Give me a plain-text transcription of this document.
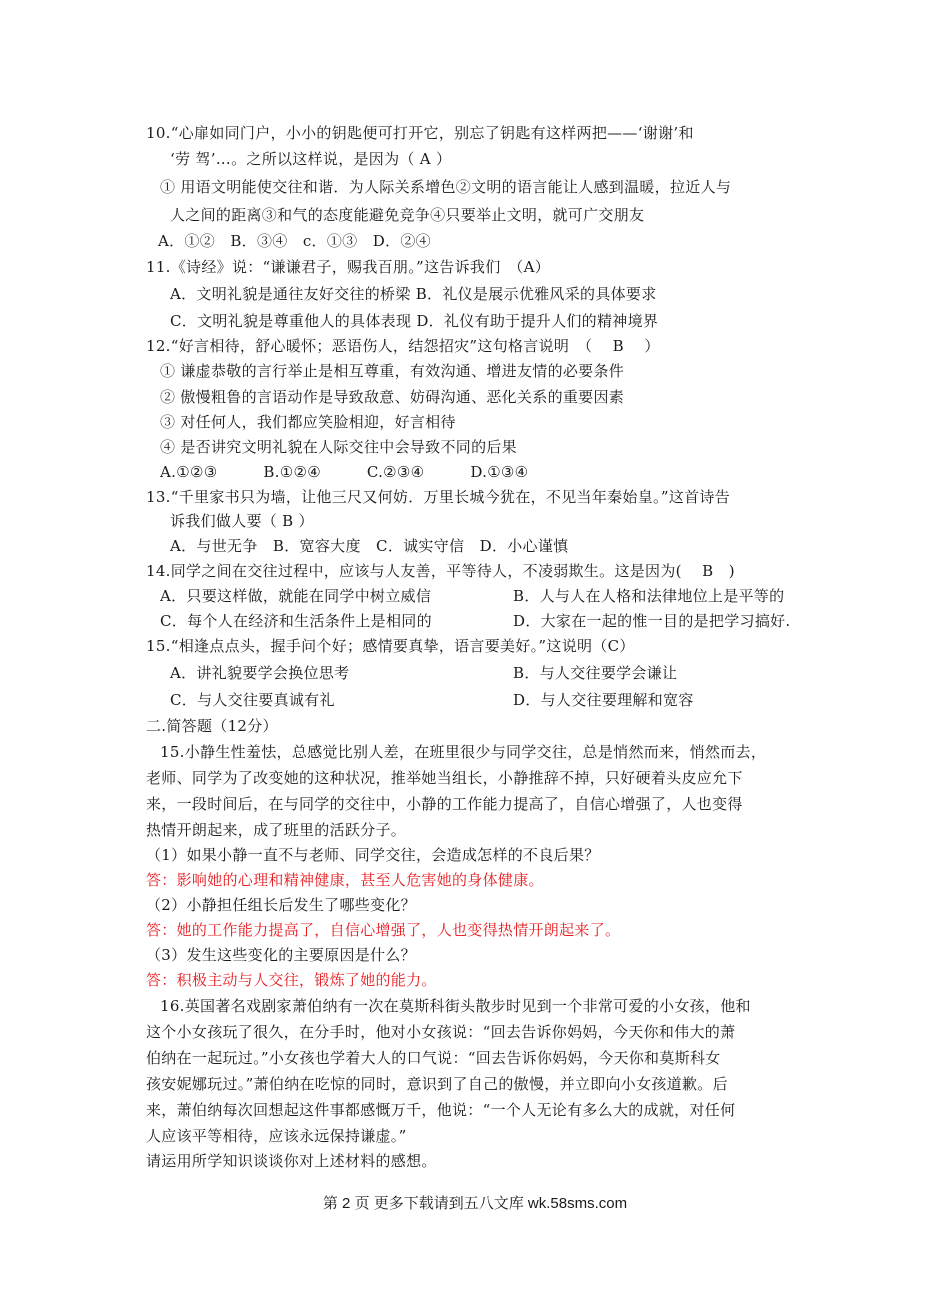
10.“心扉如同门户，小小的钥匙便可打开它，别忘了钥匙有这样两把——‘谢谢’和
‘劳 驾’…。之所以这样说，是因为（ A ）
① 用语文明能使交往和谐．为人际关系增色②文明的语言能让人感到温暖，拉近人与
人之间的距离③和气的态度能避免竞争④只要举止文明，就可广交朋友
A．①②　B．③④　c．①③　D．②④
11.《诗经》说：“谦谦君子，赐我百朋。”这告诉我们　（A）
A．文明礼貌是通往友好交往的桥梁 B．礼仪是展示优雅风采的具体要求
C．文明礼貌是尊重他人的具体表现 D．礼仪有助于提升人们的精神境界
12.“好言相待，舒心暖怀；恶语伤人，结怨招灾”这句格言说明　（　 B　 ）
① 谦虚恭敬的言行举止是相互尊重，有效沟通、增进友情的必要条件
② 傲慢粗鲁的言语动作是导致敌意、妨碍沟通、恶化关系的重要因素
③ 对任何人，我们都应笑脸相迎，好言相待
④ 是否讲究文明礼貌在人际交往中会导致不同的后果
A.①②③　　　B.①②④　　　C.②③④　　　D.①③④
13.“千里家书只为墙，让他三尺又何妨．万里长城今犹在，不见当年秦始皇。”这首诗告
诉我们做人要（ B ）
A．与世无争　B．宽容大度　C．诚实守信　D．小心谨慎
14.同学之间在交往过程中，应该与人友善，平等待人，不凌弱欺生。这是因为(　 B　)
A．只要这样做，就能在同学中树立威信	B．人与人在人格和法律地位上是平等的
C．每个人在经济和生活条件上是相同的	D．大家在一起的惟一目的是把学习搞好.
15.“相逢点点头，握手问个好；感情要真挚，语言要美好。”这说明（C）
A．讲礼貌要学会换位思考	B．与人交往要学会谦让
C．与人交往要真诚有礼	D．与人交往要理解和宽容
二.简答题（12分）
15.小静生性羞怯，总感觉比别人差，在班里很少与同学交往，总是悄然而来，悄然而去，
老师、同学为了改变她的这种状况，推举她当组长，小静推辞不掉，只好硬着头皮应允下
来，一段时间后，在与同学的交往中，小静的工作能力提高了，自信心增强了，人也变得
热情开朗起来，成了班里的活跃分子。
（1）如果小静一直不与老师、同学交往，会造成怎样的不良后果？
答：影响她的心理和精神健康，甚至人危害她的身体健康。
（2）小静担任组长后发生了哪些变化？
答：她的工作能力提高了，自信心增强了，人也变得热情开朗起来了。
（3）发生这些变化的主要原因是什么？
答：积极主动与人交往，锻炼了她的能力。
16.英国著名戏剧家萧伯纳有一次在莫斯科街头散步时见到一个非常可爱的小女孩，他和
这个小女孩玩了很久，在分手时，他对小女孩说：“回去告诉你妈妈，今天你和伟大的萧
伯纳在一起玩过。”小女孩也学着大人的口气说：“回去告诉你妈妈，今天你和莫斯科女
孩安妮娜玩过。”萧伯纳在吃惊的同时，意识到了自己的傲慢，并立即向小女孩道歉。后
来，萧伯纳每次回想起这件事都感慨万千，他说：“一个人无论有多么大的成就，对任何
人应该平等相待，应该永远保持谦虚。”
请运用所学知识谈谈你对上述材料的感想。
第 2 页 更多下载请到五八文库 wk.58sms.com
